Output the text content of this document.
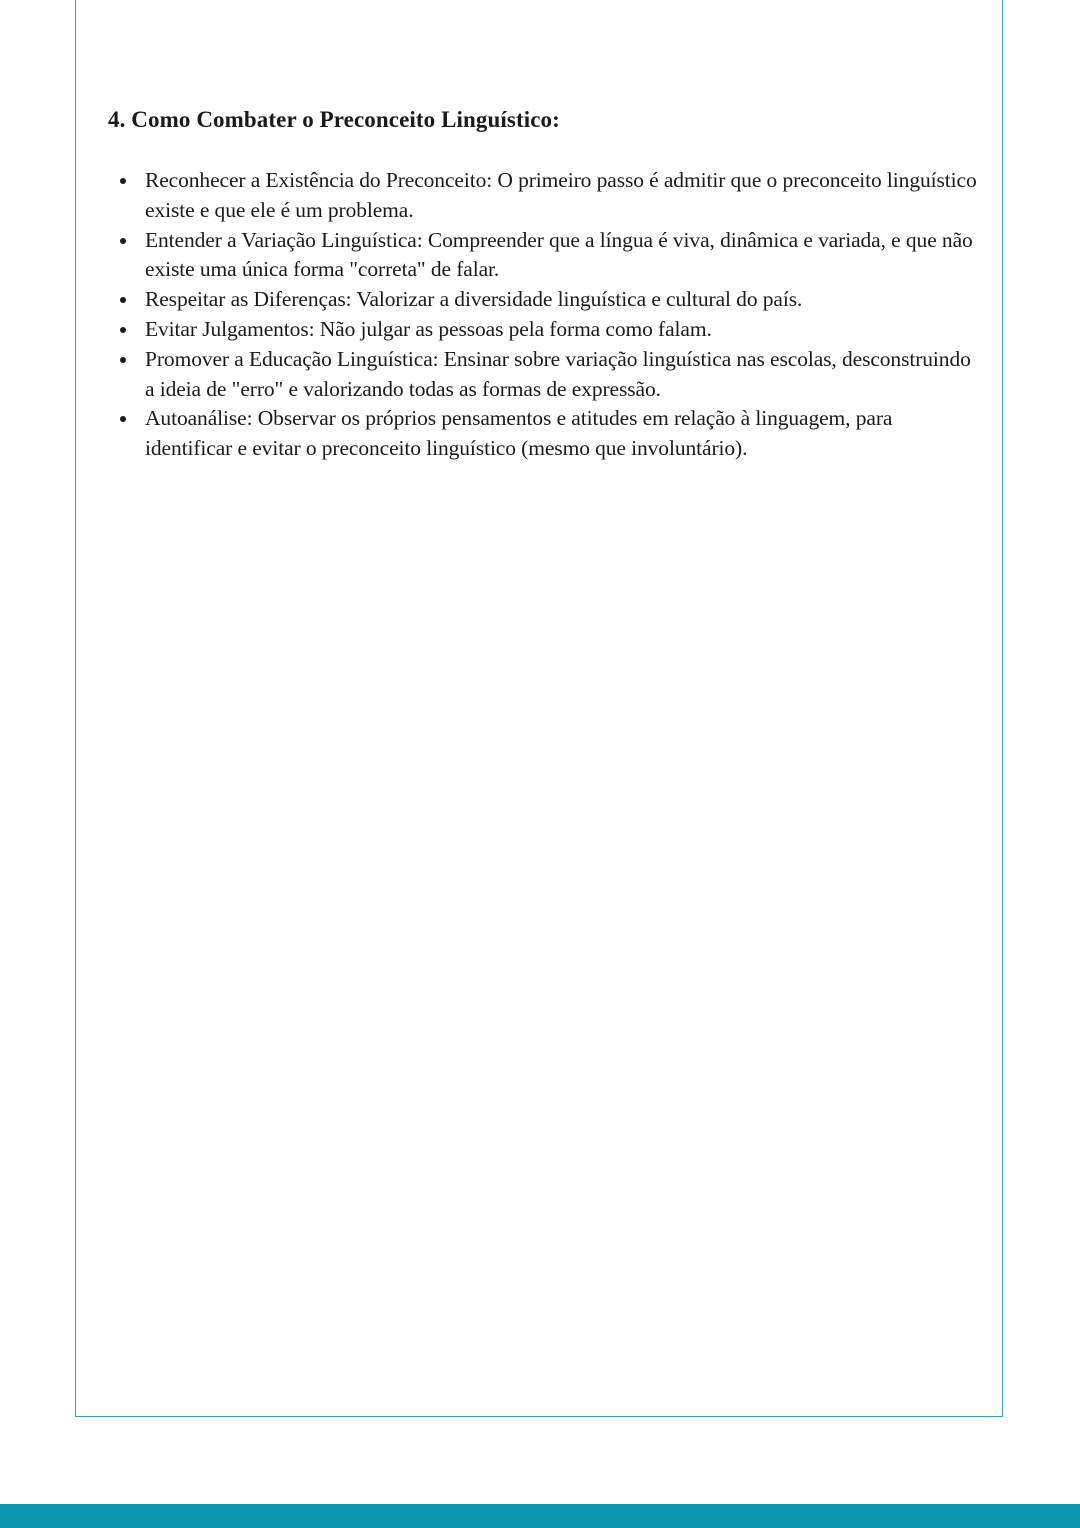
4. Como Combater o Preconceito Linguístico:
Reconhecer a Existência do Preconceito: O primeiro passo é admitir que o preconceito linguístico existe e que ele é um problema.
Entender a Variação Linguística: Compreender que a língua é viva, dinâmica e variada, e que não existe uma única forma "correta" de falar.
Respeitar as Diferenças: Valorizar a diversidade linguística e cultural do país.
Evitar Julgamentos: Não julgar as pessoas pela forma como falam.
Promover a Educação Linguística: Ensinar sobre variação linguística nas escolas, desconstruindo a ideia de "erro" e valorizando todas as formas de expressão.
Autoanálise: Observar os próprios pensamentos e atitudes em relação à linguagem, para identificar e evitar o preconceito linguístico (mesmo que involuntário).
